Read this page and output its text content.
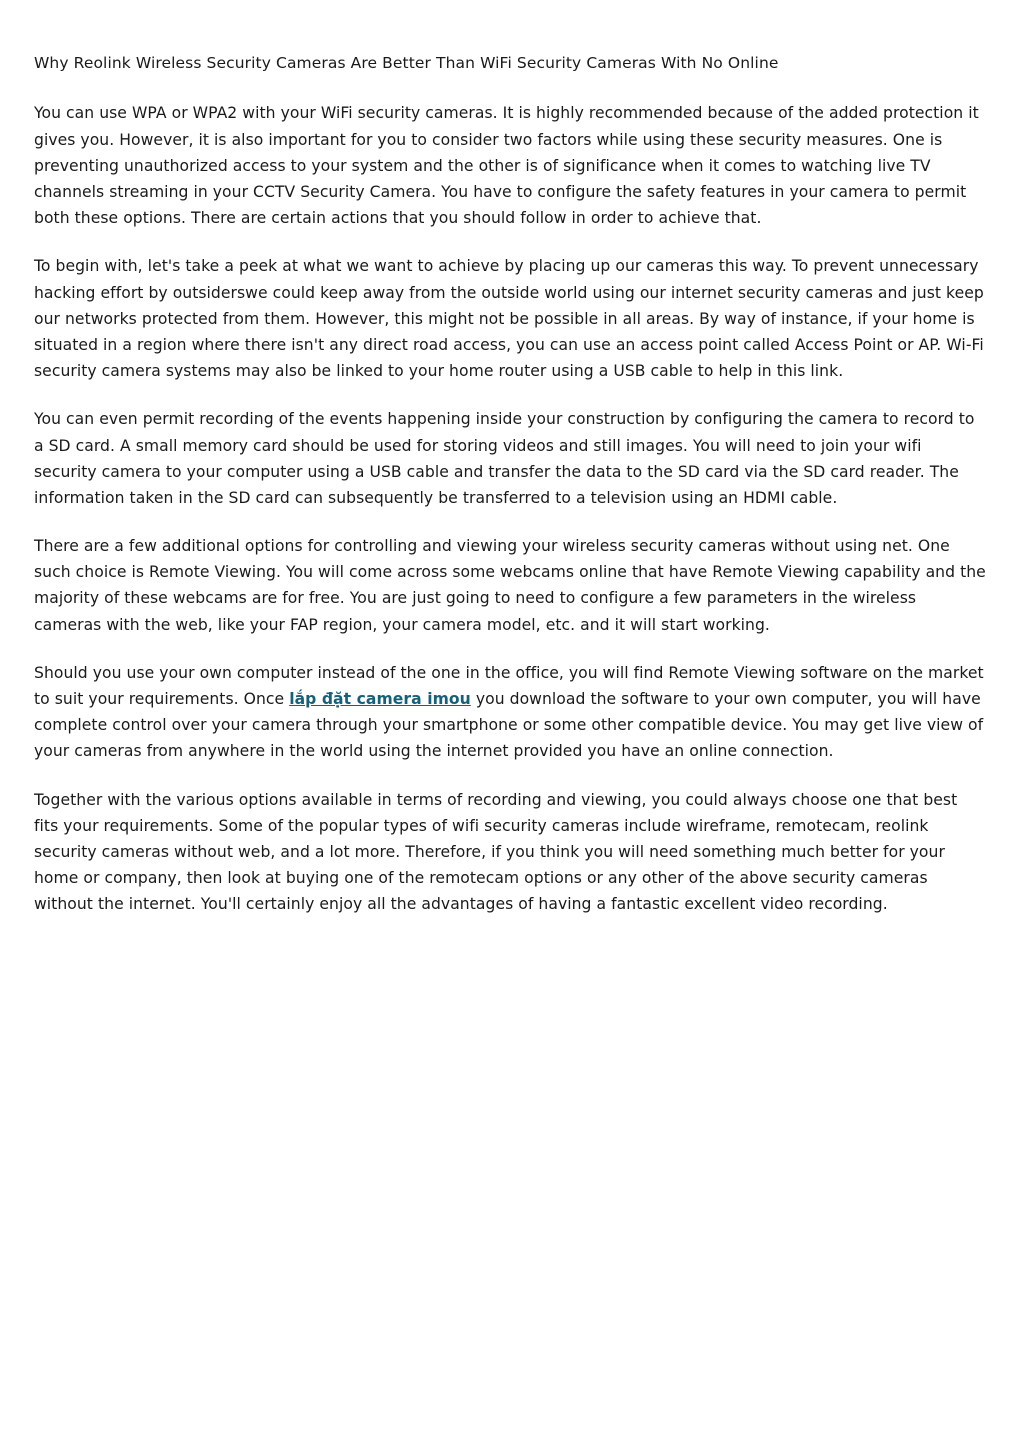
Why Reolink Wireless Security Cameras Are Better Than WiFi Security Cameras With No Online

You can use WPA or WPA2 with your WiFi security cameras. It is highly recommended because of the added protection it gives you. However, it is also important for you to consider two factors while using these security measures. One is preventing unauthorized access to your system and the other is of significance when it comes to watching live TV channels streaming in your CCTV Security Camera. You have to configure the safety features in your camera to permit both these options. There are certain actions that you should follow in order to achieve that.

To begin with, let's take a peek at what we want to achieve by placing up our cameras this way. To prevent unnecessary hacking effort by outsiderswe could keep away from the outside world using our internet security cameras and just keep our networks protected from them. However, this might not be possible in all areas. By way of instance, if your home is situated in a region where there isn't any direct road access, you can use an access point called Access Point or AP. Wi-Fi security camera systems may also be linked to your home router using a USB cable to help in this link.

You can even permit recording of the events happening inside your construction by configuring the camera to record to a SD card. A small memory card should be used for storing videos and still images. You will need to join your wifi security camera to your computer using a USB cable and transfer the data to the SD card via the SD card reader. The information taken in the SD card can subsequently be transferred to a television using an HDMI cable.

There are a few additional options for controlling and viewing your wireless security cameras without using net. One such choice is Remote Viewing. You will come across some webcams online that have Remote Viewing capability and the majority of these webcams are for free. You are just going to need to configure a few parameters in the wireless cameras with the web, like your FAP region, your camera model, etc. and it will start working.

Should you use your own computer instead of the one in the office, you will find Remote Viewing software on the market to suit your requirements. Once lắp đặt camera imou you download the software to your own computer, you will have complete control over your camera through your smartphone or some other compatible device. You may get live view of your cameras from anywhere in the world using the internet provided you have an online connection.

Together with the various options available in terms of recording and viewing, you could always choose one that best fits your requirements. Some of the popular types of wifi security cameras include wireframe, remotecam, reolink security cameras without web, and a lot more. Therefore, if you think you will need something much better for your home or company, then look at buying one of the remotecam options or any other of the above security cameras without the internet. You'll certainly enjoy all the advantages of having a fantastic excellent video recording.
